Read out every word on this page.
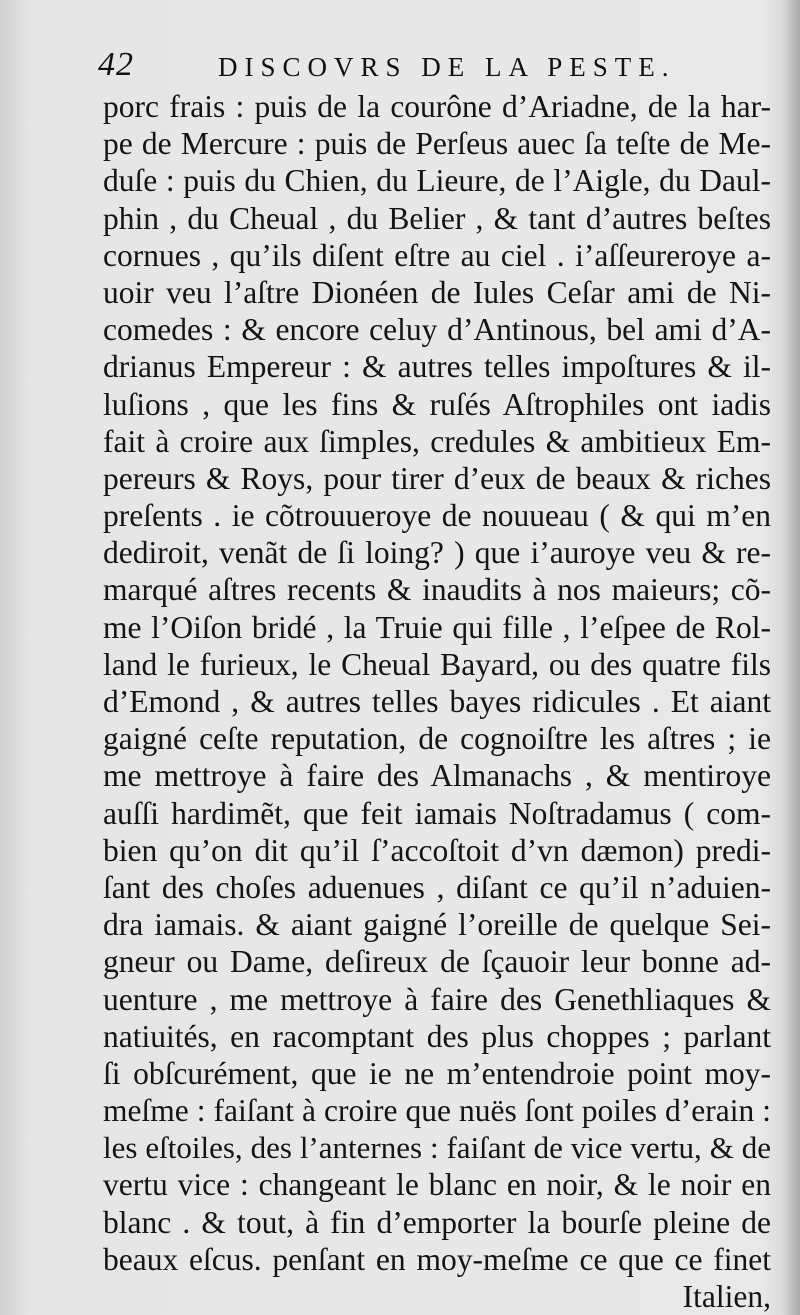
42	DISCOVRS DE LA PESTE.
porc frais : puis de la courône d’Ariadne, de la har-
pe de Mercure : puis de Perſeus auec ſa teſte de Me-
duſe : puis du Chien, du Lieure, de l’Aigle, du Daul-
phin , du Cheual , du Belier , & tant d’autres beſtes
cornues , qu’ils diſent eſtre au ciel . i’aſſeureroye a-
uoir veu l’aſtre Dionéen de Iules Ceſar ami de Ni-
comedes : & encore celuy d’Antinous, bel ami d’A-
drianus Empereur : & autres telles impoſtures & il-
luſions , que les fins & ruſés Aſtrophiles ont iadis
fait à croire aux ſimples, credules & ambitieux Em-
pereurs & Roys, pour tirer d’eux de beaux & riches
preſents . ie cõtrouueroye de nouueau ( & qui m’en
dediroit, venãt de ſi loing? ) que i’auroye veu & re-
marqué aſtres recents & inaudits à nos maieurs; cõ-
me l’Oiſon bridé , la Truie qui fille , l’eſpee de Rol-
land le furieux, le Cheual Bayard, ou des quatre fils
d’Emond , & autres telles bayes ridicules . Et aiant
gaigné ceſte reputation, de cognoiſtre les aſtres ; ie
me mettroye à faire des Almanachs , & mentiroye
auſſi hardimẽt, que feit iamais Noſtradamus ( com-
bien qu’on dit qu’il ſ’accoſtoit d’vn dæmon) predi-
ſant des choſes aduenues , diſant ce qu’il n’aduien-
dra iamais. & aiant gaigné l’oreille de quelque Sei-
gneur ou Dame, deſireux de ſçauoir leur bonne ad-
uenture , me mettroye à faire des Genethliaques &
natiuités, en racomptant des plus choppes ; parlant
ſi obſcurément, que ie ne m’entendroie point moy-
meſme : faiſant à croire que nuës ſont poiles d’erain :
les eſtoiles, des l’anternes : faiſant de vice vertu, & de
vertu vice : changeant le blanc en noir, & le noir en
blanc . & tout, à fin d’emporter la bourſe pleine de
beaux eſcus. penſant en moy-meſme ce que ce finet
Italien,
